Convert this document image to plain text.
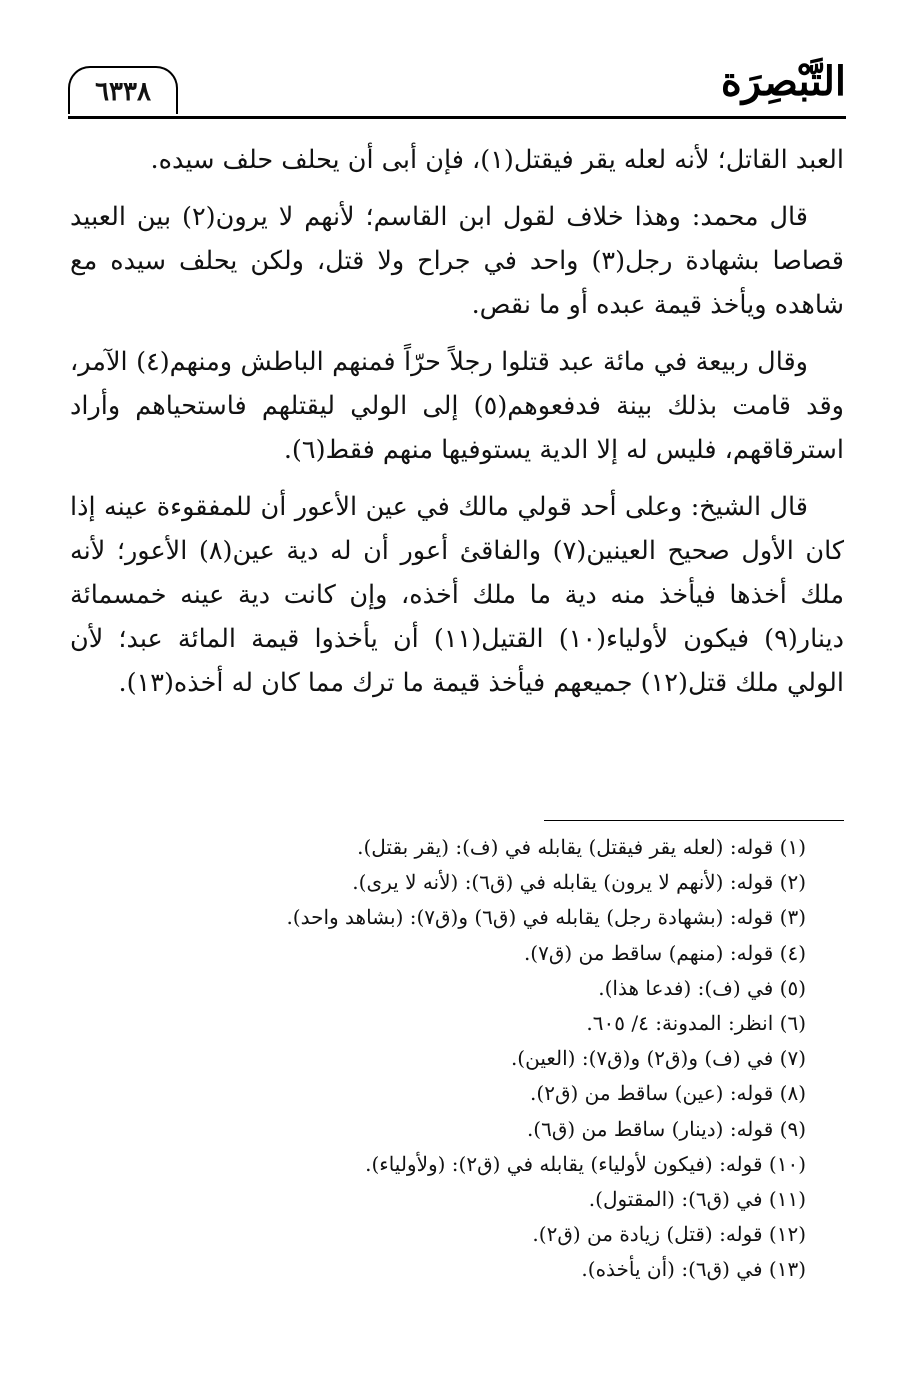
التَّبْصِرَة
٦٣٣٨

العبد القاتل؛ لأنه لعله يقر فيقتل(١)، فإن أبى أن يحلف حلف سيده.

قال محمد: وهذا خلاف لقول ابن القاسم؛ لأنهم لا يرون(٢) بين العبيد قصاصا بشهادة رجل(٣) واحد في جراح ولا قتل، ولكن يحلف سيده مع شاهده ويأخذ قيمة عبده أو ما نقص.

وقال ربيعة في مائة عبد قتلوا رجلاً حرّاً فمنهم الباطش ومنهم(٤) الآمر، وقد قامت بذلك بينة فدفعوهم(٥) إلى الولي ليقتلهم فاستحياهم وأراد استرقاقهم، فليس له إلا الدية يستوفيها منهم فقط(٦).

قال الشيخ: وعلى أحد قولي مالك في عين الأعور أن للمفقوءة عينه إذا كان الأول صحيح العينين(٧) والفاقئ أعور أن له دية عين(٨) الأعور؛ لأنه ملك أخذها فيأخذ منه دية ما ملك أخذه، وإن كانت دية عينه خمسمائة دينار(٩) فيكون لأولياء(١٠) القتيل(١١) أن يأخذوا قيمة المائة عبد؛ لأن الولي ملك قتل(١٢) جميعهم فيأخذ قيمة ما ترك مما كان له أخذه(١٣).

(١) قوله: (لعله يقر فيقتل) يقابله في (ف): (يقر بقتل).
(٢) قوله: (لأنهم لا يرون) يقابله في (ق٦): (لأنه لا يرى).
(٣) قوله: (بشهادة رجل) يقابله في (ق٦) و(ق٧): (بشاهد واحد).
(٤) قوله: (منهم) ساقط من (ق٧).
(٥) في (ف): (فدعا هذا).
(٦) انظر: المدونة: ٤/ ٦٠٥.
(٧) في (ف) و(ق٢) و(ق٧): (العين).
(٨) قوله: (عين) ساقط من (ق٢).
(٩) قوله: (دينار) ساقط من (ق٦).
(١٠) قوله: (فيكون لأولياء) يقابله في (ق٢): (ولأولياء).
(١١) في (ق٦): (المقتول).
(١٢) قوله: (قتل) زيادة من (ق٢).
(١٣) في (ق٦): (أن يأخذه).
